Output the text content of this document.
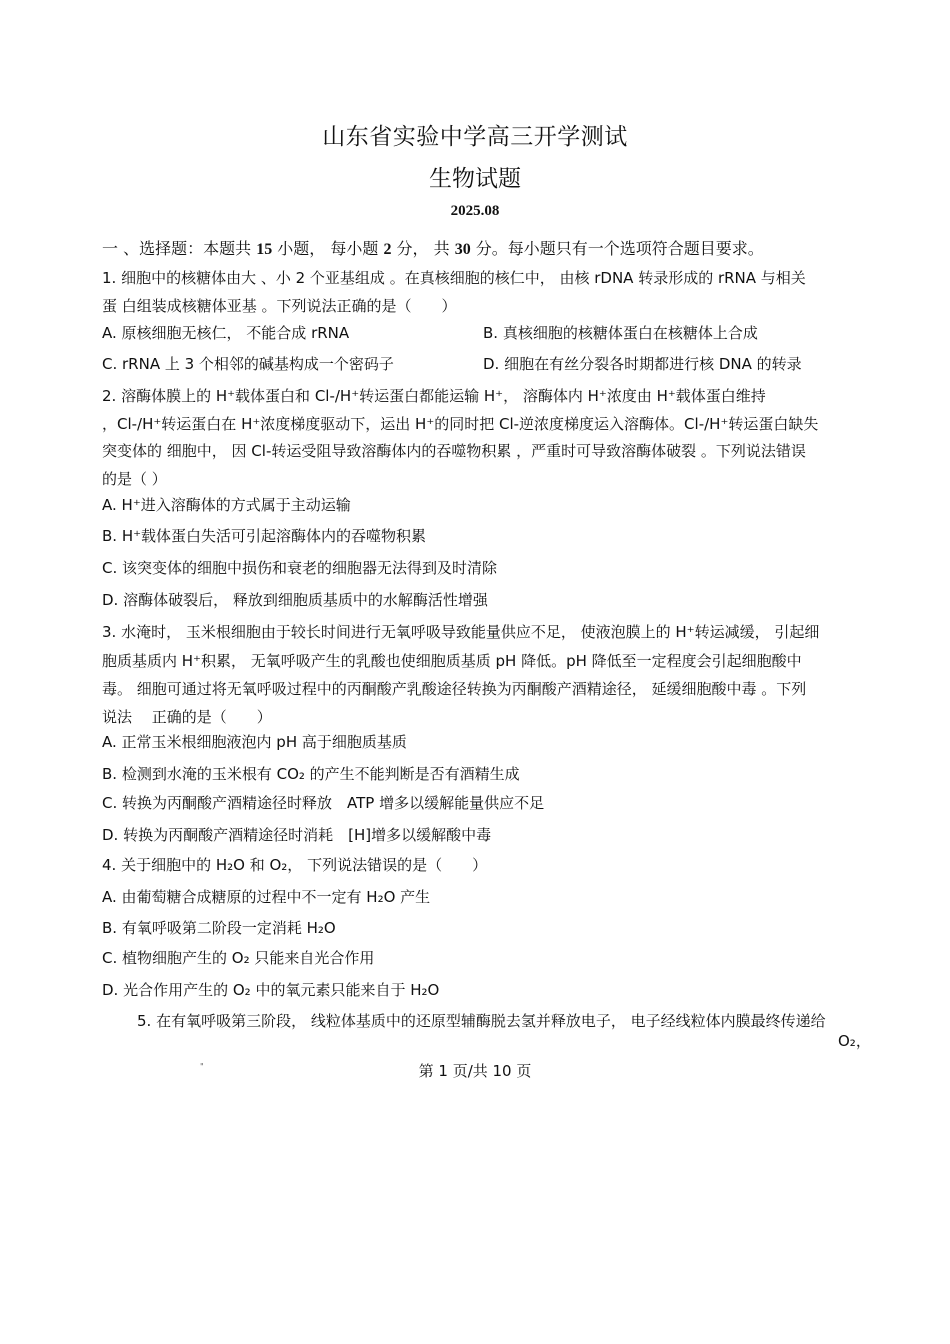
山东省实验中学高三开学测试
生物试题
2025.08
一 、选择题：本题共 15 小题， 每小题 2 分， 共 30 分。每小题只有一个选项符合题目要求。
1. 细胞中的核糖体由大 、小 2 个亚基组成 。在真核细胞的核仁中， 由核 rDNA 转录形成的 rRNA 与相关
蛋 白组装成核糖体亚基 。下列说法正确的是（　　）
A. 原核细胞无核仁， 不能合成 rRNA	B. 真核细胞的核糖体蛋白在核糖体上合成
C. rRNA 上 3 个相邻的碱基构成一个密码子	D. 细胞在有丝分裂各时期都进行核 DNA 的转录
2. 溶酶体膜上的 H⁺载体蛋白和 Cl-/H⁺转运蛋白都能运输 H⁺， 溶酶体内 H⁺浓度由 H⁺载体蛋白维持
，Cl-/H⁺转运蛋白在 H⁺浓度梯度驱动下，运出 H⁺的同时把 Cl-逆浓度梯度运入溶酶体。Cl-/H⁺转运蛋白缺失
突变体的 细胞中， 因 Cl-转运受阻导致溶酶体内的吞噬物积累 ，严重时可导致溶酶体破裂 。下列说法错误
的是（ ）
A. H⁺进入溶酶体的方式属于主动运输
B. H⁺载体蛋白失活可引起溶酶体内的吞噬物积累
C. 该突变体的细胞中损伤和衰老的细胞器无法得到及时清除
D. 溶酶体破裂后， 释放到细胞质基质中的水解酶活性增强
3. 水淹时， 玉米根细胞由于较长时间进行无氧呼吸导致能量供应不足， 使液泡膜上的 H⁺转运减缓， 引起细
胞质基质内 H⁺积累， 无氧呼吸产生的乳酸也使细胞质基质 pH 降低。pH 降低至一定程度会引起细胞酸中
毒。 细胞可通过将无氧呼吸过程中的丙酮酸产乳酸途径转换为丙酮酸产酒精途径， 延缓细胞酸中毒 。下列
说法　 正确的是（　　）
A. 正常玉米根细胞液泡内 pH 高于细胞质基质
B. 检测到水淹的玉米根有 CO₂ 的产生不能判断是否有酒精生成
C. 转换为丙酮酸产酒精途径时释放　ATP 增多以缓解能量供应不足
D. 转换为丙酮酸产酒精途径时消耗　[H]增多以缓解酸中毒
4. 关于细胞中的 H₂O 和 O₂， 下列说法错误的是（　　）
A. 由葡萄糖合成糖原的过程中不一定有 H₂O 产生
B. 有氧呼吸第二阶段一定消耗 H₂O
C. 植物细胞产生的 O₂ 只能来自光合作用
D. 光合作用产生的 O₂ 中的氧元素只能来自于 H₂O
5. 在有氧呼吸第三阶段， 线粒体基质中的还原型辅酶脱去氢并释放电子， 电子经线粒体内膜最终传递给
O₂，
"	第 1 页/共 10 页
